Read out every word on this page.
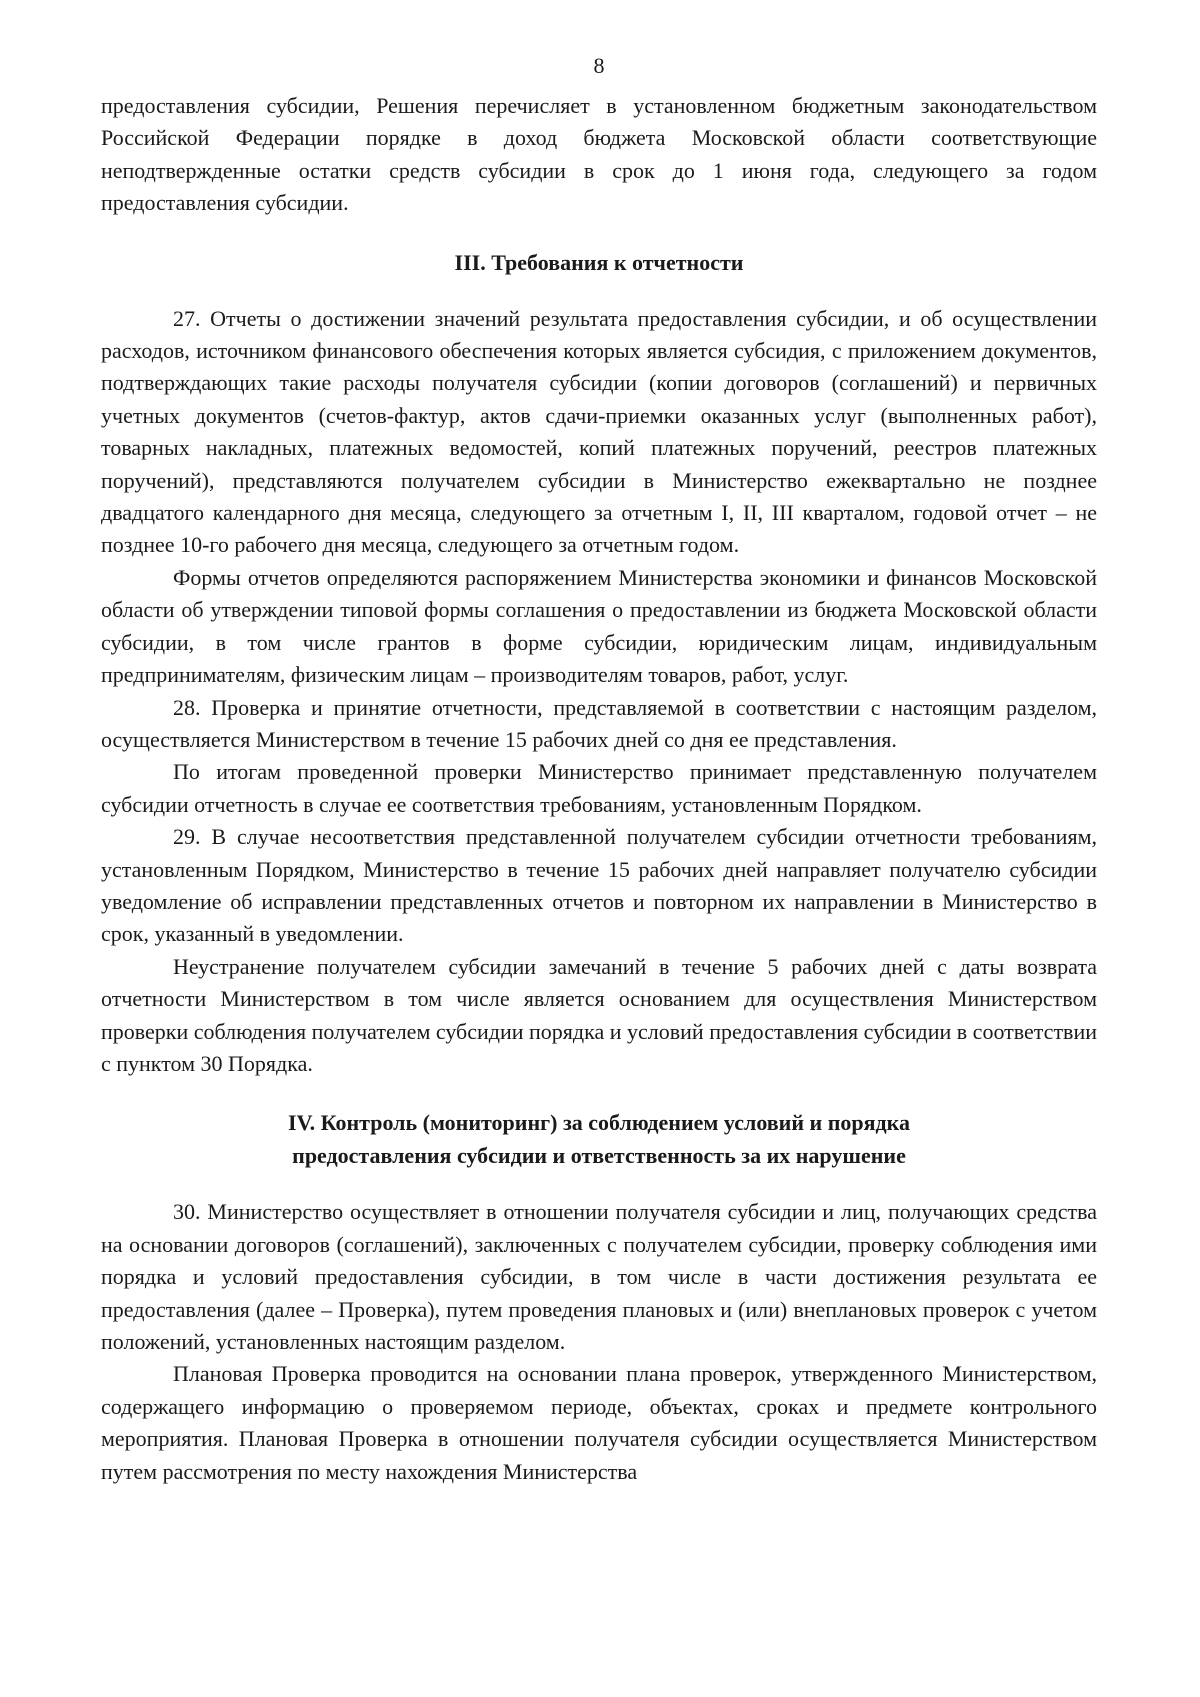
8

предоставления субсидии, Решения перечисляет в установленном бюджетным законодательством Российской Федерации порядке в доход бюджета Московской области соответствующие неподтвержденные остатки средств субсидии в срок до 1 июня года, следующего за годом предоставления субсидии.

III. Требования к отчетности

27. Отчеты о достижении значений результата предоставления субсидии, и об осуществлении расходов, источником финансового обеспечения которых является субсидия, с приложением документов, подтверждающих такие расходы получателя субсидии (копии договоров (соглашений) и первичных учетных документов (счетов-фактур, актов сдачи-приемки оказанных услуг (выполненных работ), товарных накладных, платежных ведомостей, копий платежных поручений, реестров платежных поручений), представляются получателем субсидии в Министерство ежеквартально не позднее двадцатого календарного дня месяца, следующего за отчетным I, II, III кварталом, годовой отчет – не позднее 10-го рабочего дня месяца, следующего за отчетным годом.

Формы отчетов определяются распоряжением Министерства экономики и финансов Московской области об утверждении типовой формы соглашения о предоставлении из бюджета Московской области субсидии, в том числе грантов в форме субсидии, юридическим лицам, индивидуальным предпринимателям, физическим лицам – производителям товаров, работ, услуг.

28. Проверка и принятие отчетности, представляемой в соответствии с настоящим разделом, осуществляется Министерством в течение 15 рабочих дней со дня ее представления.

По итогам проведенной проверки Министерство принимает представленную получателем субсидии отчетность в случае ее соответствия требованиям, установленным Порядком.

29. В случае несоответствия представленной получателем субсидии отчетности требованиям, установленным Порядком, Министерство в течение 15 рабочих дней направляет получателю субсидии уведомление об исправлении представленных отчетов и повторном их направлении в Министерство в срок, указанный в уведомлении.

Неустранение получателем субсидии замечаний в течение 5 рабочих дней с даты возврата отчетности Министерством в том числе является основанием для осуществления Министерством проверки соблюдения получателем субсидии порядка и условий предоставления субсидии в соответствии с пунктом 30 Порядка.

IV. Контроль (мониторинг) за соблюдением условий и порядка
предоставления субсидии и ответственность за их нарушение

30. Министерство осуществляет в отношении получателя субсидии и лиц, получающих средства на основании договоров (соглашений), заключенных с получателем субсидии, проверку соблюдения ими порядка и условий предоставления субсидии, в том числе в части достижения результата ее предоставления (далее – Проверка), путем проведения плановых и (или) внеплановых проверок с учетом положений, установленных настоящим разделом.

Плановая Проверка проводится на основании плана проверок, утвержденного Министерством, содержащего информацию о проверяемом периоде, объектах, сроках и предмете контрольного мероприятия. Плановая Проверка в отношении получателя субсидии осуществляется Министерством путем рассмотрения по месту нахождения Министерства
